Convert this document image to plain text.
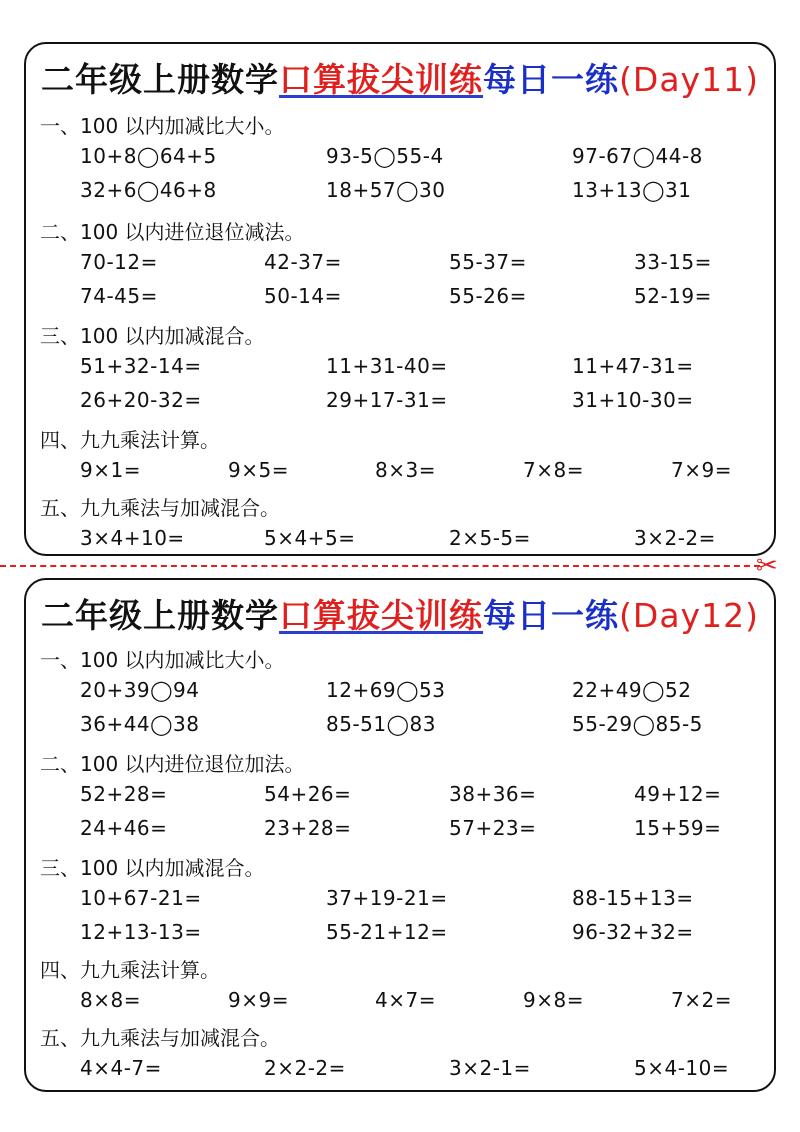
二年级上册数学口算拔尖训练每日一练(Day11)
一、100 以内加减比大小。
10+8◯64+5	93-5◯55-4	97-67◯44-8
32+6◯46+8	18+57◯30	13+13◯31
二、100 以内进位退位减法。
70-12=	42-37=	55-37=	33-15=
74-45=	50-14=	55-26=	52-19=
三、100 以内加减混合。
51+32-14=	11+31-40=	11+47-31=
26+20-32=	29+17-31=	31+10-30=
四、九九乘法计算。
9×1=	9×5=	8×3=	7×8=	7×9=
五、九九乘法与加减混合。
3×4+10=	5×4+5=	2×5-5=	3×2-2=
✂
二年级上册数学口算拔尖训练每日一练(Day12)
一、100 以内加减比大小。
20+39◯94	12+69◯53	22+49◯52
36+44◯38	85-51◯83	55-29◯85-5
二、100 以内进位退位加法。
52+28=	54+26=	38+36=	49+12=
24+46=	23+28=	57+23=	15+59=
三、100 以内加减混合。
10+67-21=	37+19-21=	88-15+13=
12+13-13=	55-21+12=	96-32+32=
四、九九乘法计算。
8×8=	9×9=	4×7=	9×8=	7×2=
五、九九乘法与加减混合。
4×4-7=	2×2-2=	3×2-1=	5×4-10=
